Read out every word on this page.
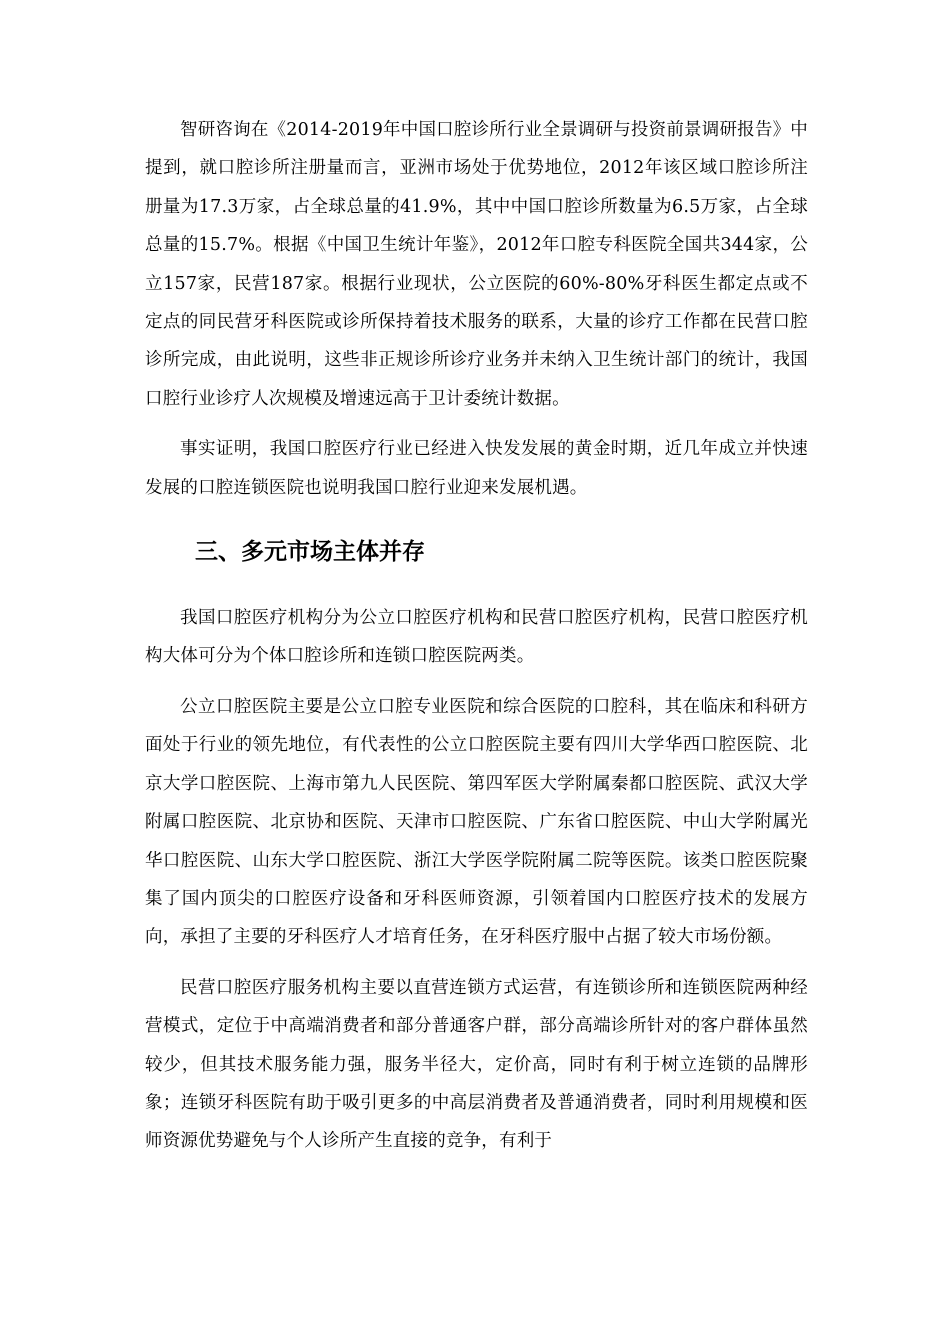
智研咨询在《2014-2019年中国口腔诊所行业全景调研与投资前景调研报告》中提到，就口腔诊所注册量而言，亚洲市场处于优势地位，2012年该区域口腔诊所注册量为17.3万家，占全球总量的41.9%，其中中国口腔诊所数量为6.5万家，占全球总量的15.7%。根据《中国卫生统计年鉴》，2012年口腔专科医院全国共344家，公立157家，民营187家。根据行业现状，公立医院的60%-80%牙科医生都定点或不定点的同民营牙科医院或诊所保持着技术服务的联系，大量的诊疗工作都在民营口腔诊所完成，由此说明，这些非正规诊所诊疗业务并未纳入卫生统计部门的统计，我国口腔行业诊疗人次规模及增速远高于卫计委统计数据。

事实证明，我国口腔医疗行业已经进入快发发展的黄金时期，近几年成立并快速发展的口腔连锁医院也说明我国口腔行业迎来发展机遇。

三、多元市场主体并存

我国口腔医疗机构分为公立口腔医疗机构和民营口腔医疗机构，民营口腔医疗机构大体可分为个体口腔诊所和连锁口腔医院两类。

公立口腔医院主要是公立口腔专业医院和综合医院的口腔科，其在临床和科研方面处于行业的领先地位，有代表性的公立口腔医院主要有四川大学华西口腔医院、北京大学口腔医院、上海市第九人民医院、第四军医大学附属秦都口腔医院、武汉大学附属口腔医院、北京协和医院、天津市口腔医院、广东省口腔医院、中山大学附属光华口腔医院、山东大学口腔医院、浙江大学医学院附属二院等医院。该类口腔医院聚集了国内顶尖的口腔医疗设备和牙科医师资源，引领着国内口腔医疗技术的发展方向，承担了主要的牙科医疗人才培育任务，在牙科医疗服中占据了较大市场份额。

民营口腔医疗服务机构主要以直营连锁方式运营，有连锁诊所和连锁医院两种经营模式，定位于中高端消费者和部分普通客户群，部分高端诊所针对的客户群体虽然较少，但其技术服务能力强，服务半径大，定价高，同时有利于树立连锁的品牌形象；连锁牙科医院有助于吸引更多的中高层消费者及普通消费者，同时利用规模和医师资源优势避免与个人诊所产生直接的竞争，有利于
